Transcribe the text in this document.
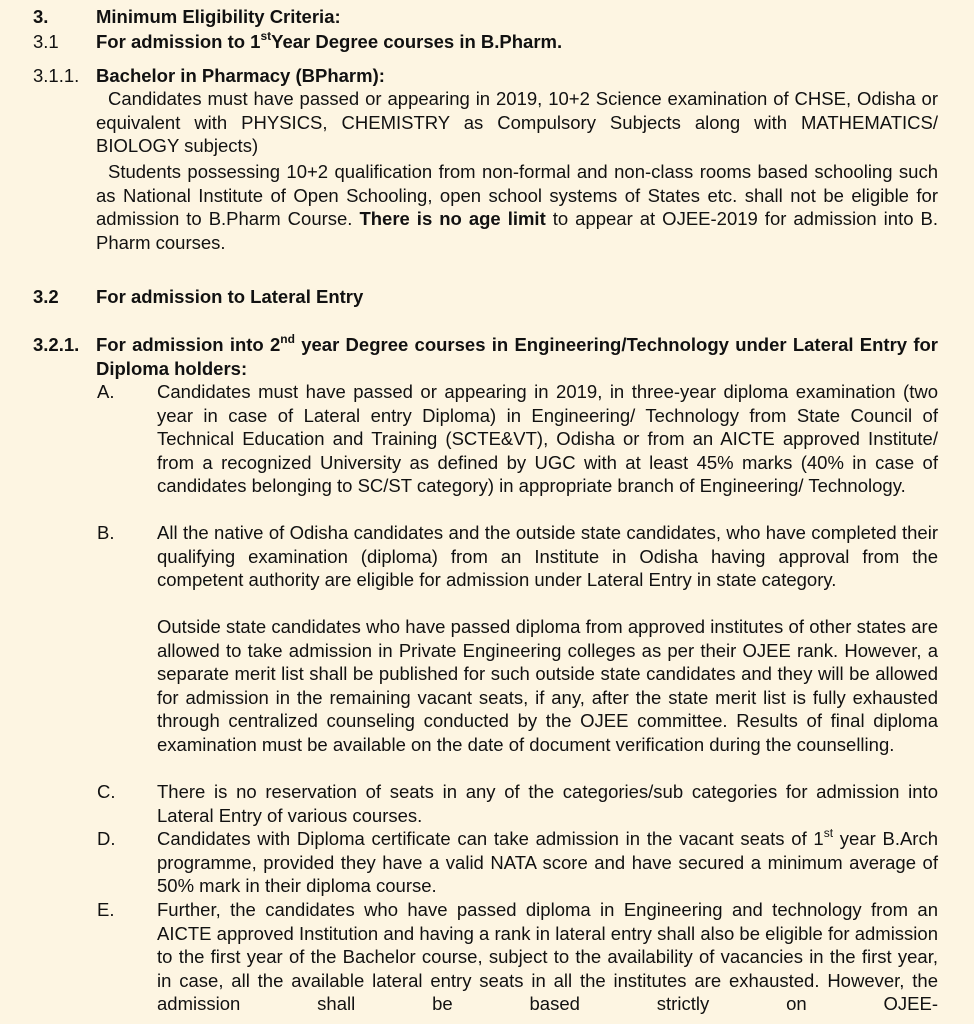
3.	Minimum Eligibility Criteria:
3.1 For admission to 1stYear Degree courses in B.Pharm.
3.1.1. Bachelor in Pharmacy (BPharm):
Candidates must have passed or appearing in 2019, 10+2 Science examination of CHSE, Odisha or equivalent with PHYSICS, CHEMISTRY as Compulsory Subjects along with MATHEMATICS/ BIOLOGY subjects)
Students possessing 10+2 qualification from non-formal and non-class rooms based schooling such as National Institute of Open Schooling, open school systems of States etc. shall not be eligible for admission to B.Pharm Course. There is no age limit to appear at OJEE-2019 for admission into B. Pharm courses.
3.2 For admission to Lateral Entry
3.2.1. For admission into 2nd year Degree courses in Engineering/Technology under Lateral Entry for Diploma holders:
A. Candidates must have passed or appearing in 2019, in three-year diploma examination (two year in case of Lateral entry Diploma) in Engineering/ Technology from State Council of Technical Education and Training (SCTE&VT), Odisha or from an AICTE approved Institute/ from a recognized University as defined by UGC with at least 45% marks (40% in case of candidates belonging to SC/ST category) in appropriate branch of Engineering/ Technology.
B. All the native of Odisha candidates and the outside state candidates, who have completed their qualifying examination (diploma) from an Institute in Odisha having approval from the competent authority are eligible for admission under Lateral Entry in state category.
Outside state candidates who have passed diploma from approved institutes of other states are allowed to take admission in Private Engineering colleges as per their OJEE rank. However, a separate merit list shall be published for such outside state candidates and they will be allowed for admission in the remaining vacant seats, if any, after the state merit list is fully exhausted through centralized counseling conducted by the OJEE committee. Results of final diploma examination must be available on the date of document verification during the counselling.
C. There is no reservation of seats in any of the categories/sub categories for admission into Lateral Entry of various courses.
D. Candidates with Diploma certificate can take admission in the vacant seats of 1st year B.Arch programme, provided they have a valid NATA score and have secured a minimum average of 50% mark in their diploma course.
E. Further, the candidates who have passed diploma in Engineering and technology from an AICTE approved Institution and having a rank in lateral entry shall also be eligible for admission to the first year of the Bachelor course, subject to the availability of vacancies in the first year, in case, all the available lateral entry seats in all the institutes are exhausted. However, the admission shall be based strictly on OJEE-
